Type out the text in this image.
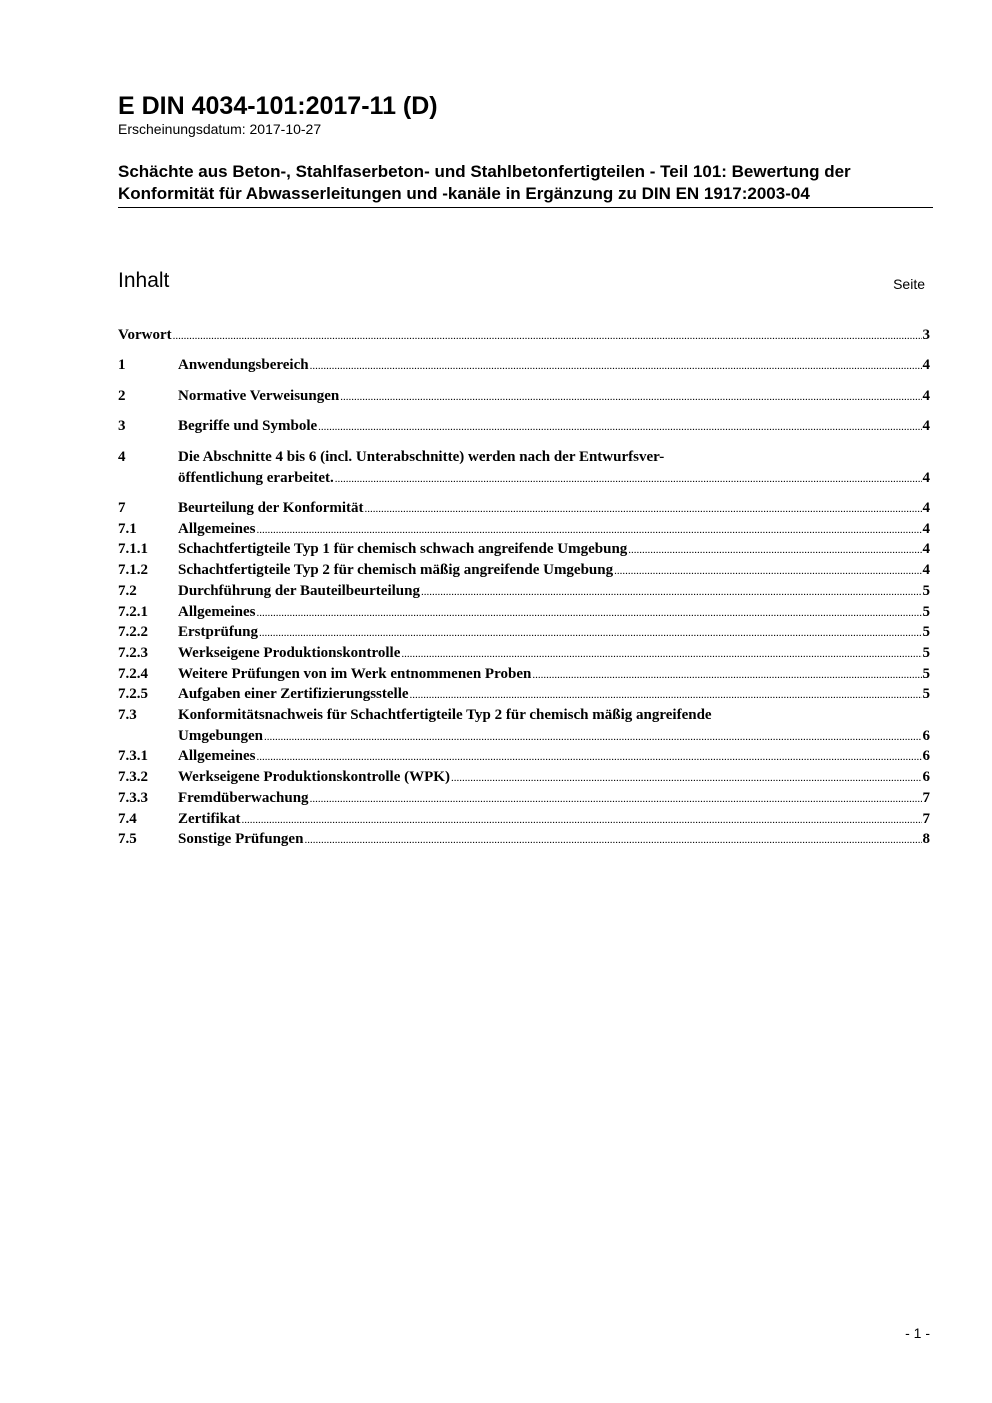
E DIN 4034-101:2017-11 (D)
Erscheinungsdatum: 2017-10-27
Schächte aus Beton-, Stahlfaserbeton- und Stahlbetonfertigteilen - Teil 101: Bewertung der Konformität für Abwasserleitungen und -kanäle in Ergänzung zu DIN EN 1917:2003-04
Inhalt	Seite
Vorwort .....	3
1	Anwendungsbereich .....	4
2	Normative Verweisungen .....	4
3	Begriffe und Symbole .....	4
4	Die Abschnitte 4 bis 6 (incl. Unterabschnitte) werden nach der Entwurfsver-
öffentlichung erarbeitet. .....	4
7	Beurteilung der Konformität .....	4
7.1	Allgemeines .....	4
7.1.1 Schachtfertigteile Typ 1 für chemisch schwach angreifende Umgebung .....	4
7.1.2 Schachtfertigteile Typ 2 für chemisch mäßig angreifende Umgebung .....	4
7.2	Durchführung der Bauteilbeurteilung .....	5
7.2.1 Allgemeines .....	5
7.2.2 Erstprüfung .....	5
7.2.3 Werkseigene Produktionskontrolle .....	5
7.2.4 Weitere Prüfungen von im Werk entnommenen Proben .....	5
7.2.5 Aufgaben einer Zertifizierungsstelle .....	5
7.3	Konformitätsnachweis für Schachtfertigteile Typ 2 für chemisch mäßig angreifende
Umgebungen .....	6
7.3.1 Allgemeines .....	6
7.3.2 Werkseigene Produktionskontrolle (WPK) .....	6
7.3.3 Fremdüberwachung .....	7
7.4	Zertifikat .....	7
7.5	Sonstige Prüfungen .....	8
- 1 -
